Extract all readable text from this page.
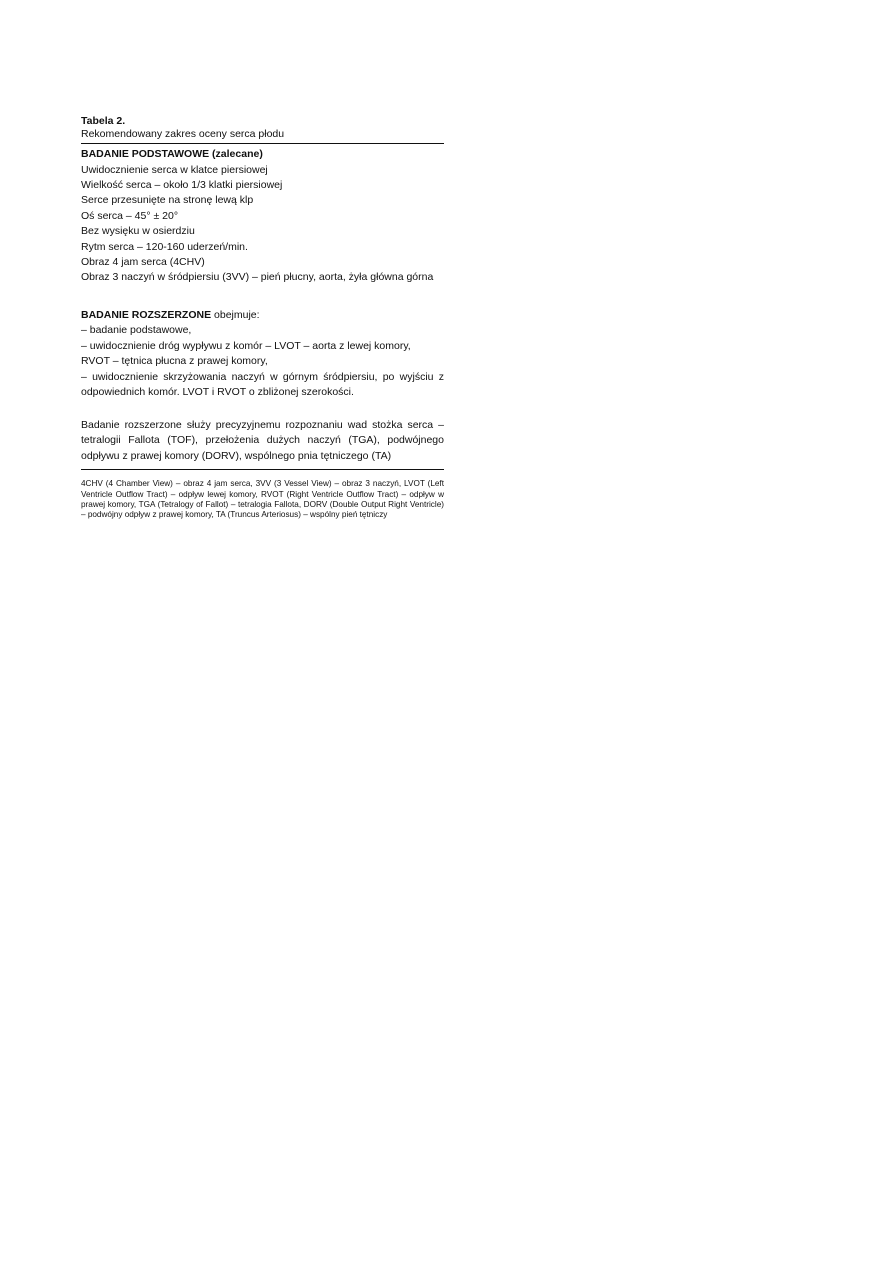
Tabela 2.
Rekomendowany zakres oceny serca płodu
BADANIE PODSTAWOWE (zalecane)
Uwidocznienie serca w klatce piersiowej
Wielkość serca – około 1/3 klatki piersiowej
Serce przesunięte na stronę lewą klp
Oś serca – 45° ± 20°
Bez wysięku w osierdziu
Rytm serca – 120-160 uderzeń/min.
Obraz 4 jam serca (4CHV)
Obraz 3 naczyń w śródpiersiu (3VV) – pień płucny, aorta, żyła główna górna
BADANIE ROZSZERZONE obejmuje:
– badanie podstawowe,
– uwidocznienie dróg wypływu z komór – LVOT – aorta z lewej komory,
RVOT – tętnica płucna z prawej komory,
– uwidocznienie skrzyżowania naczyń w górnym śródpiersiu, po wyjściu z odpowiednich komór. LVOT i RVOT o zbliżonej szerokości.
Badanie rozszerzone służy precyzyjnemu rozpoznaniu wad stożka serca – tetralogii Fallota (TOF), przełożenia dużych naczyń (TGA), podwójnego odpływu z prawej komory (DORV), wspólnego pnia tętniczego (TA)
4CHV (4 Chamber View) – obraz 4 jam serca, 3VV (3 Vessel View) – obraz 3 naczyń, LVOT (Left Ventricle Outflow Tract) – odpływ lewej komory, RVOT (Right Ventricle Outflow Tract) – odpływ w prawej komory, TGA (Tetralogy of Fallot) – tetralogia Fallota, DORV (Double Output Right Ventricle) – podwójny odpływ z prawej komory, TA (Truncus Arteriosus) – wspólny pień tętniczy
